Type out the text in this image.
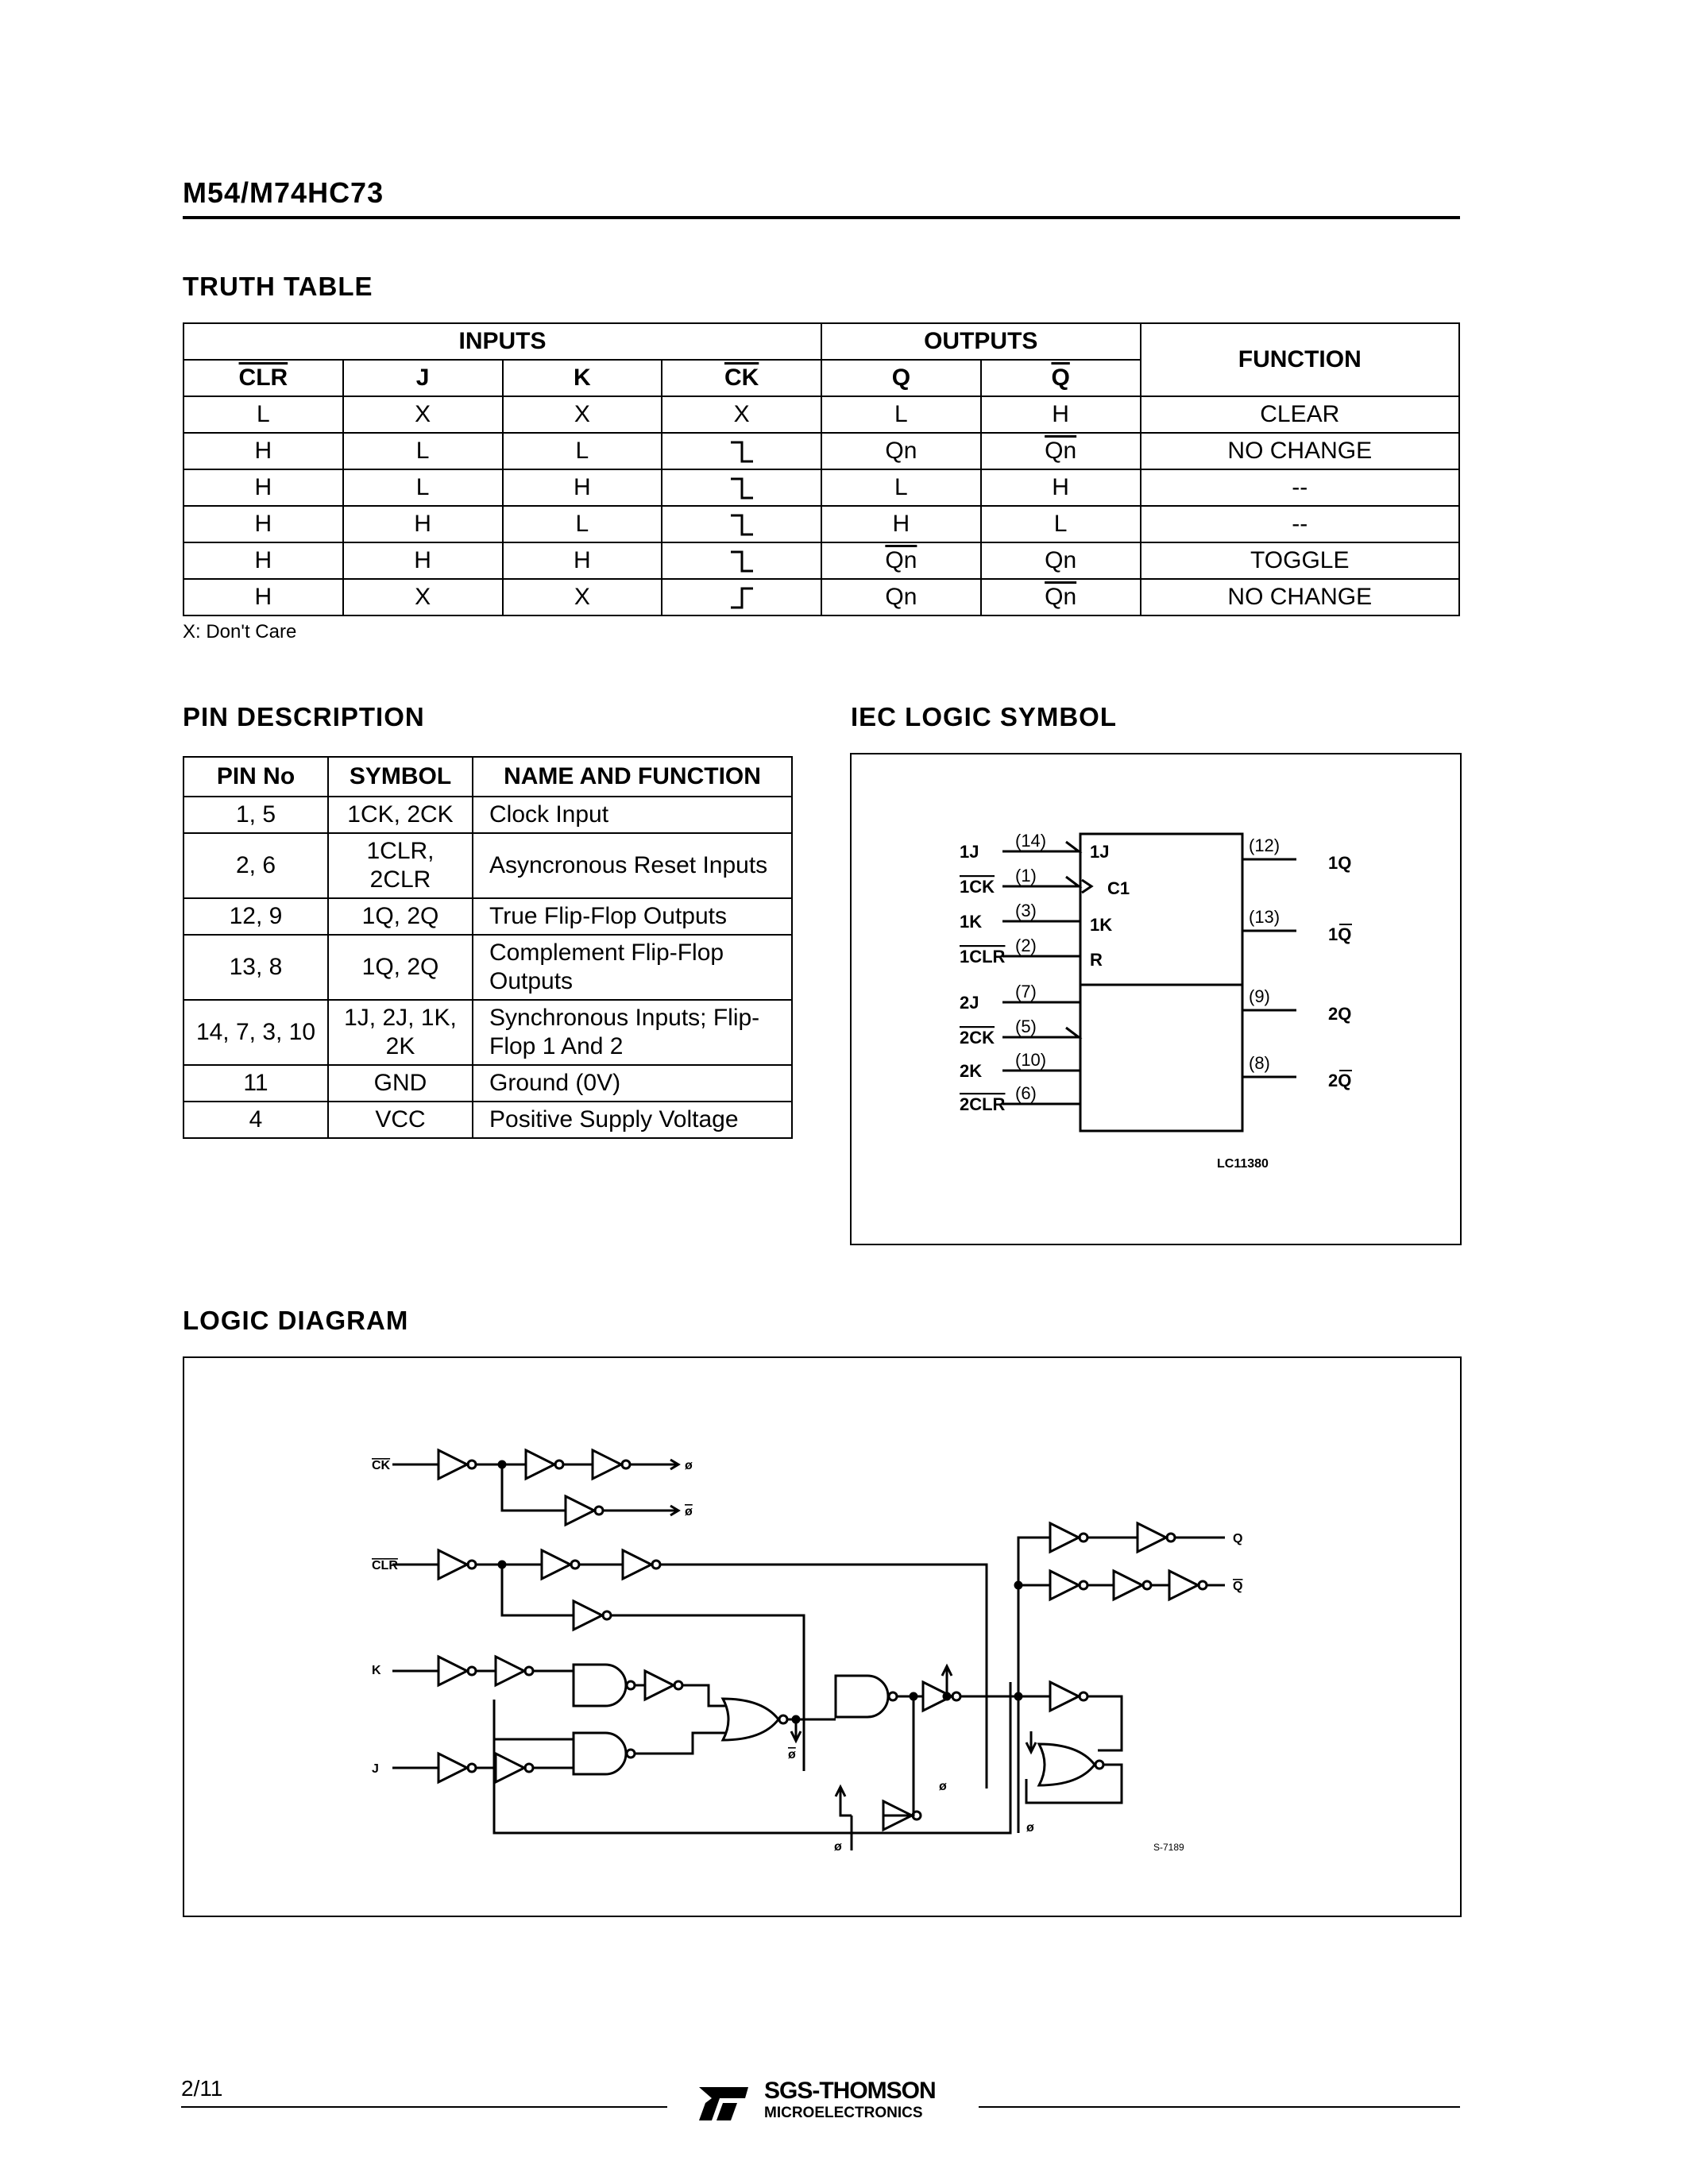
M54/M74HC73
TRUTH TABLE
INPUTS				OUTPUTS		FUNCTION
$\overline{CLR}$	J	K	$\overline{CK}$	Q	$\overline{Q}$
L	X	X	X	L	H	CLEAR
H	L	L		Qn	$\overline{Qn}$	NO CHANGE
H	L	H		L	H	--
H	H	L		H	L	--
H	H	H		$\overline{Qn}$	Qn	TOGGLE
H	X	X		Qn	$\overline{Qn}$	NO CHANGE
X: Don't Care
PIN DESCRIPTION
PIN No	SYMBOL	NAME AND FUNCTION
1, 5	1CK, 2CK	Clock Input
2, 6	1CLR, 2CLR	Asyncronous Reset Inputs
12, 9	1Q, 2Q	True Flip-Flop Outputs
13, 8	1Q, 2Q	Complement Flip-Flop Outputs
14, 7, 3, 10	1J, 2J, 1K, 2K	Synchronous Inputs; Flip-Flop 1 And 2
11	GND	Ground (0V)
4	VCC	Positive Supply Voltage
IEC LOGIC SYMBOL
1J
(14)
1CK
(1)
1K
(3)
1CLR
(2)
2J
(7)
2CK
(5)
2K
(10)
2CLR
(6)
1J
C1
1K
R
(12)
1Q
(13)
1Q
(9)
2Q
(8)
2Q
LC11380
LOGIC DIAGRAM
CK	ø
ø
CLR
K
J
ø
ø
ø
Q
Q
ø
S-7189
2/11	SGS-THOMSON
MICROELECTRONICS
